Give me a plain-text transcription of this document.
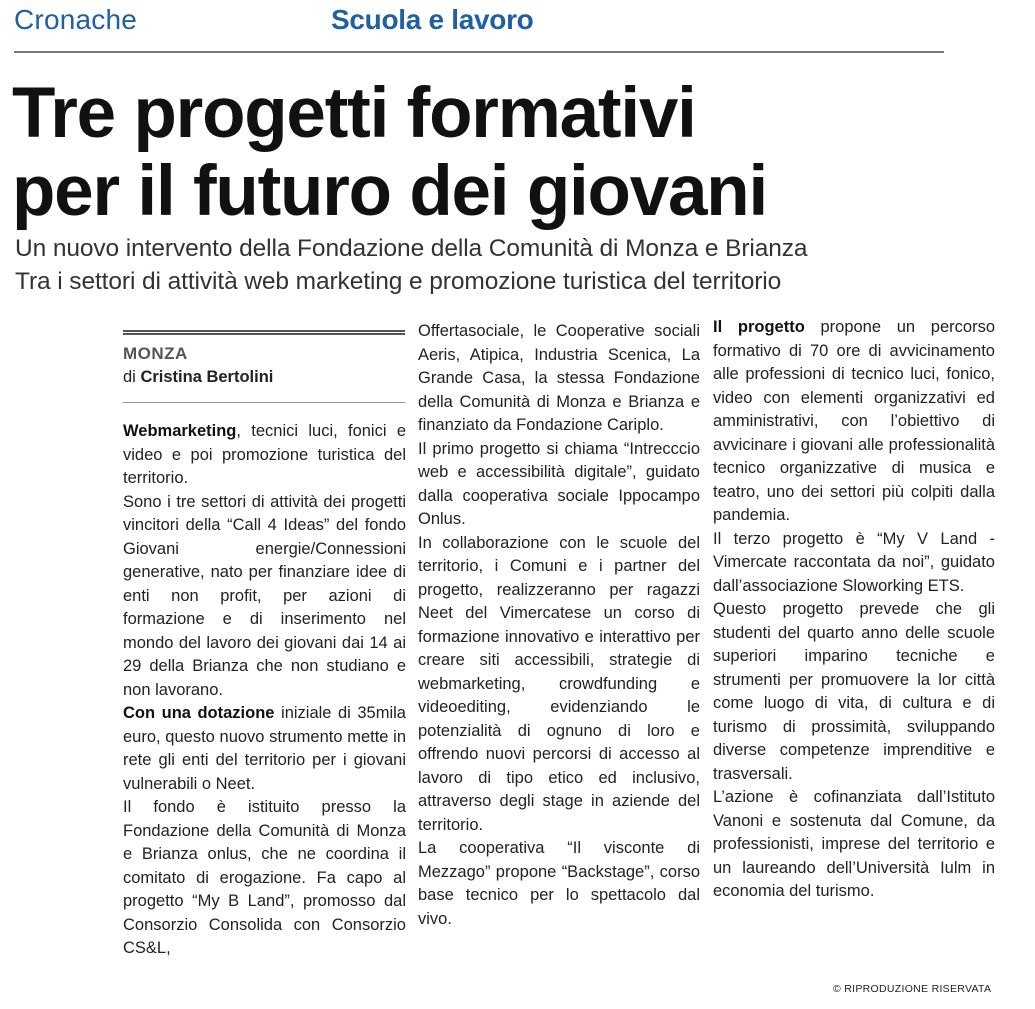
Cronache	Scuola e lavoro
Tre progetti formativi
per il futuro dei giovani
Un nuovo intervento della Fondazione della Comunità di Monza e Brianza
Tra i settori di attività web marketing e promozione turistica del territorio
MONZA
di Cristina Bertolini

Webmarketing, tecnici luci, fonici e video e poi promozione turistica del territorio.

Sono i tre settori di attività dei progetti vincitori della “Call 4 Ideas” del fondo Giovani energie/Connessioni generative, nato per finanziare idee di enti non profit, per azioni di formazione e di inserimento nel mondo del lavoro dei giovani dai 14 ai 29 della Brianza che non studiano e non lavorano.

Con una dotazione iniziale di 35mila euro, questo nuovo strumento mette in rete gli enti del territorio per i giovani vulnerabili o Neet.

Il fondo è istituito presso la Fondazione della Comunità di Monza e Brianza onlus, che ne coordina il comitato di erogazione. Fa capo al progetto “My B Land”, promosso dal Consorzio Consolida con Consorzio CS&L,

Offertasociale, le Cooperative sociali Aeris, Atipica, Industria Scenica, La Grande Casa, la stessa Fondazione della Comunità di Monza e Brianza e finanziato da Fondazione Cariplo.

Il primo progetto si chiama “Intrecccio web e accessibilità digitale”, guidato dalla cooperativa sociale Ippocampo Onlus.

In collaborazione con le scuole del territorio, i Comuni e i partner del progetto, realizzeranno per ragazzi Neet del Vimercatese un corso di formazione innovativo e interattivo per creare siti accessibili, strategie di webmarketing, crowdfunding e videoediting, evidenziando le potenzialità di ognuno di loro e offrendo nuovi percorsi di accesso al lavoro di tipo etico ed inclusivo, attraverso degli stage in aziende del territorio.

La cooperativa “Il visconte di Mezzago” propone “Backstage”, corso base tecnico per lo spettacolo dal vivo.

Il progetto propone un percorso formativo di 70 ore di avvicinamento alle professioni di tecnico luci, fonico, video con elementi organizzativi ed amministrativi, con l’obiettivo di avvicinare i giovani alle professionalità tecnico organizzative di musica e teatro, uno dei settori più colpiti dalla pandemia.

Il terzo progetto è “My V Land - Vimercate raccontata da noi”, guidato dall’associazione Sloworking ETS.

Questo progetto prevede che gli studenti del quarto anno delle scuole superiori imparino tecniche e strumenti per promuovere la lor città come luogo di vita, di cultura e di turismo di prossimità, sviluppando diverse competenze imprenditive e trasversali.

L’azione è cofinanziata dall’Istituto Vanoni e sostenuta dal Comune, da professionisti, imprese del territorio e un laureando dell’Università Iulm in economia del turismo.

© RIPRODUZIONE RISERVATA
